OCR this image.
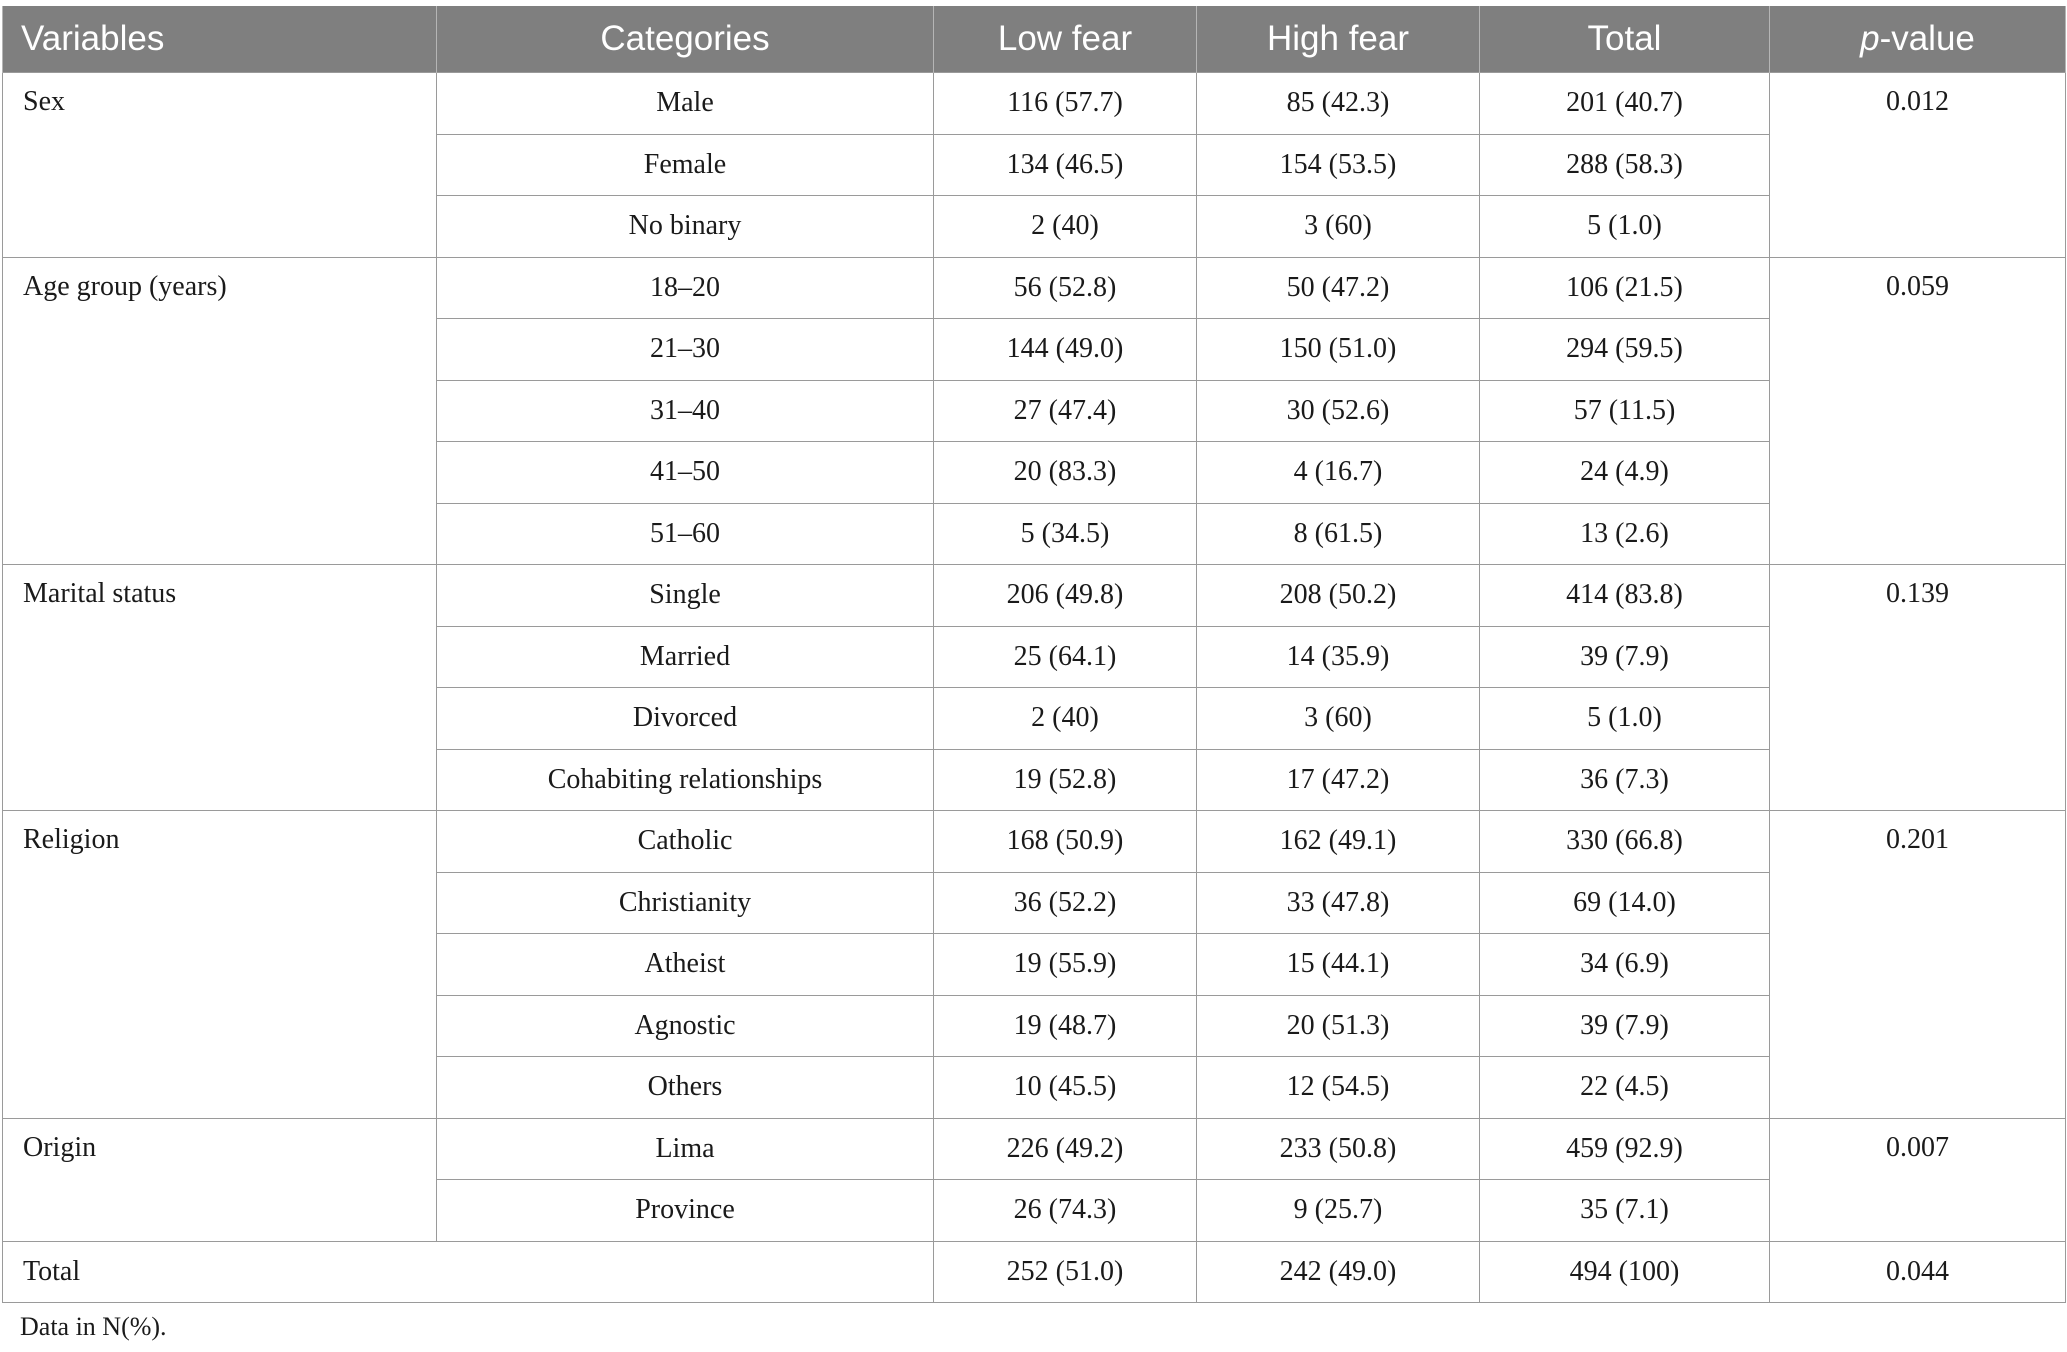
Variables	Categories	Low fear	High fear	Total	p-value
Sex	Male	116 (57.7)	85 (42.3)	201 (40.7)	0.012
	Female	134 (46.5)	154 (53.5)	288 (58.3)	
	No binary	2 (40)	3 (60)	5 (1.0)	
Age group (years)	18–20	56 (52.8)	50 (47.2)	106 (21.5)	0.059
	21–30	144 (49.0)	150 (51.0)	294 (59.5)	
	31–40	27 (47.4)	30 (52.6)	57 (11.5)	
	41–50	20 (83.3)	4 (16.7)	24 (4.9)	
	51–60	5 (34.5)	8 (61.5)	13 (2.6)	
Marital status	Single	206 (49.8)	208 (50.2)	414 (83.8)	0.139
	Married	25 (64.1)	14 (35.9)	39 (7.9)	
	Divorced	2 (40)	3 (60)	5 (1.0)	
	Cohabiting relationships	19 (52.8)	17 (47.2)	36 (7.3)	
Religion	Catholic	168 (50.9)	162 (49.1)	330 (66.8)	0.201
	Christianity	36 (52.2)	33 (47.8)	69 (14.0)	
	Atheist	19 (55.9)	15 (44.1)	34 (6.9)	
	Agnostic	19 (48.7)	20 (51.3)	39 (7.9)	
	Others	10 (45.5)	12 (54.5)	22 (4.5)	
Origin	Lima	226 (49.2)	233 (50.8)	459 (92.9)	0.007
	Province	26 (74.3)	9 (25.7)	35 (7.1)	
Total		252 (51.0)	242 (49.0)	494 (100)	0.044
Data in N(%).
